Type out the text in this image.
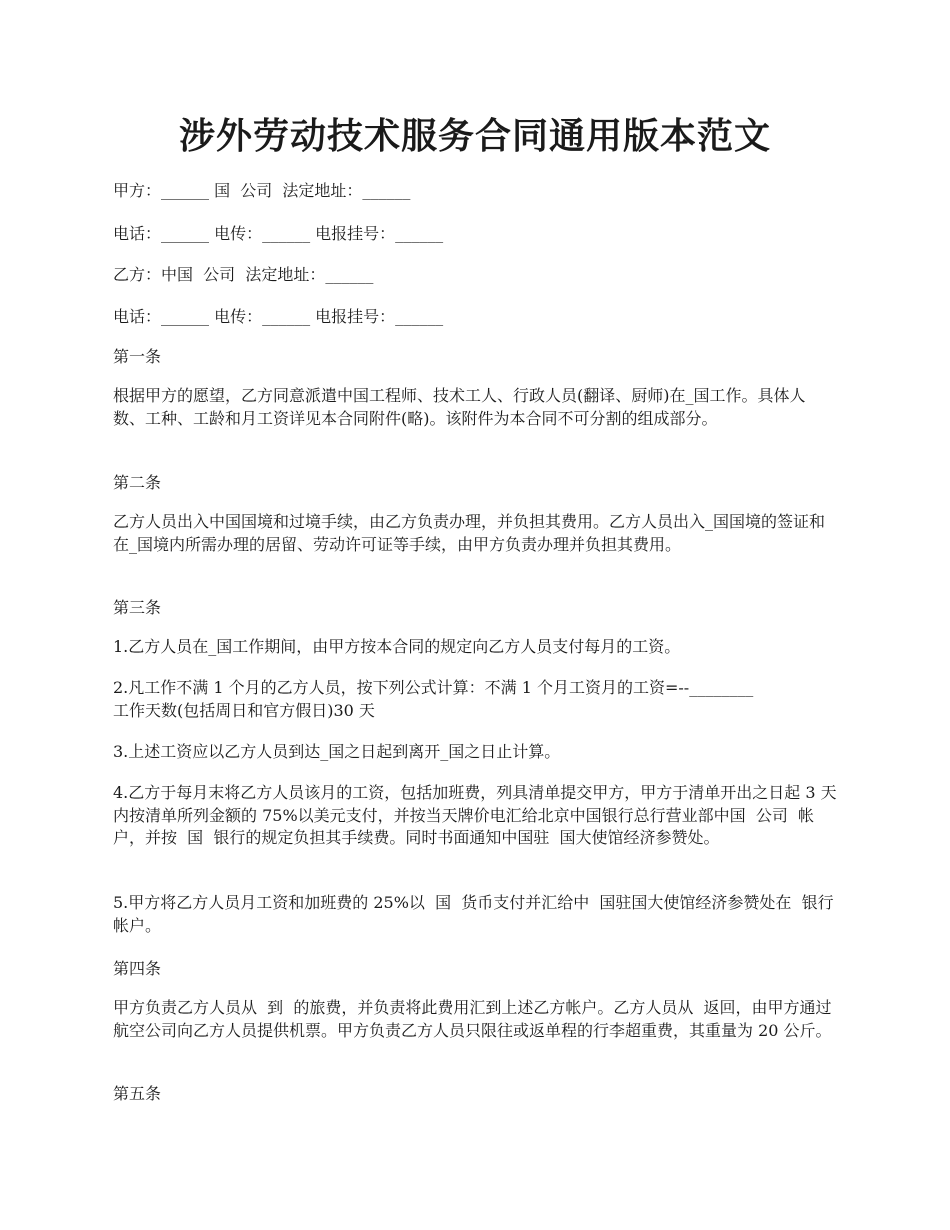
涉外劳动技术服务合同通用版本范文

甲方：______ 国  公司  法定地址：______

电话：______ 电传：______ 电报挂号：______

乙方：中国  公司  法定地址：______

电话：______ 电传：______ 电报挂号：______

第一条

根据甲方的愿望，乙方同意派遣中国工程师、技术工人、行政人员(翻译、厨师)在_国工作。具体人数、工种、工龄和月工资详见本合同附件(略)。该附件为本合同不可分割的组成部分。

第二条

乙方人员出入中国国境和过境手续，由乙方负责办理，并负担其费用。乙方人员出入_国国境的签证和在_国境内所需办理的居留、劳动许可证等手续，由甲方负责办理并负担其费用。

第三条

1.乙方人员在_国工作期间，由甲方按本合同的规定向乙方人员支付每月的工资。

2.凡工作不满 1 个月的乙方人员，按下列公式计算：不满 1 个月工资月的工资=--________

工作天数(包括周日和官方假日)30 天

3.上述工资应以乙方人员到达_国之日起到离开_国之日止计算。

4.乙方于每月末将乙方人员该月的工资，包括加班费，列具清单提交甲方，甲方于清单开出之日起 3 天内按清单所列金额的 75%以美元支付，并按当天牌价电汇给北京中国银行总行营业部中国  公司  帐户，并按  国  银行的规定负担其手续费。同时书面通知中国驻  国大使馆经济参赞处。

5.甲方将乙方人员月工资和加班费的 25%以  国  货币支付并汇给中  国驻国大使馆经济参赞处在  银行  帐户。

第四条

甲方负责乙方人员从  到  的旅费，并负责将此费用汇到上述乙方帐户。乙方人员从  返回，由甲方通过  航空公司向乙方人员提供机票。甲方负责乙方人员只限往或返单程的行李超重费，其重量为 20 公斤。

第五条
